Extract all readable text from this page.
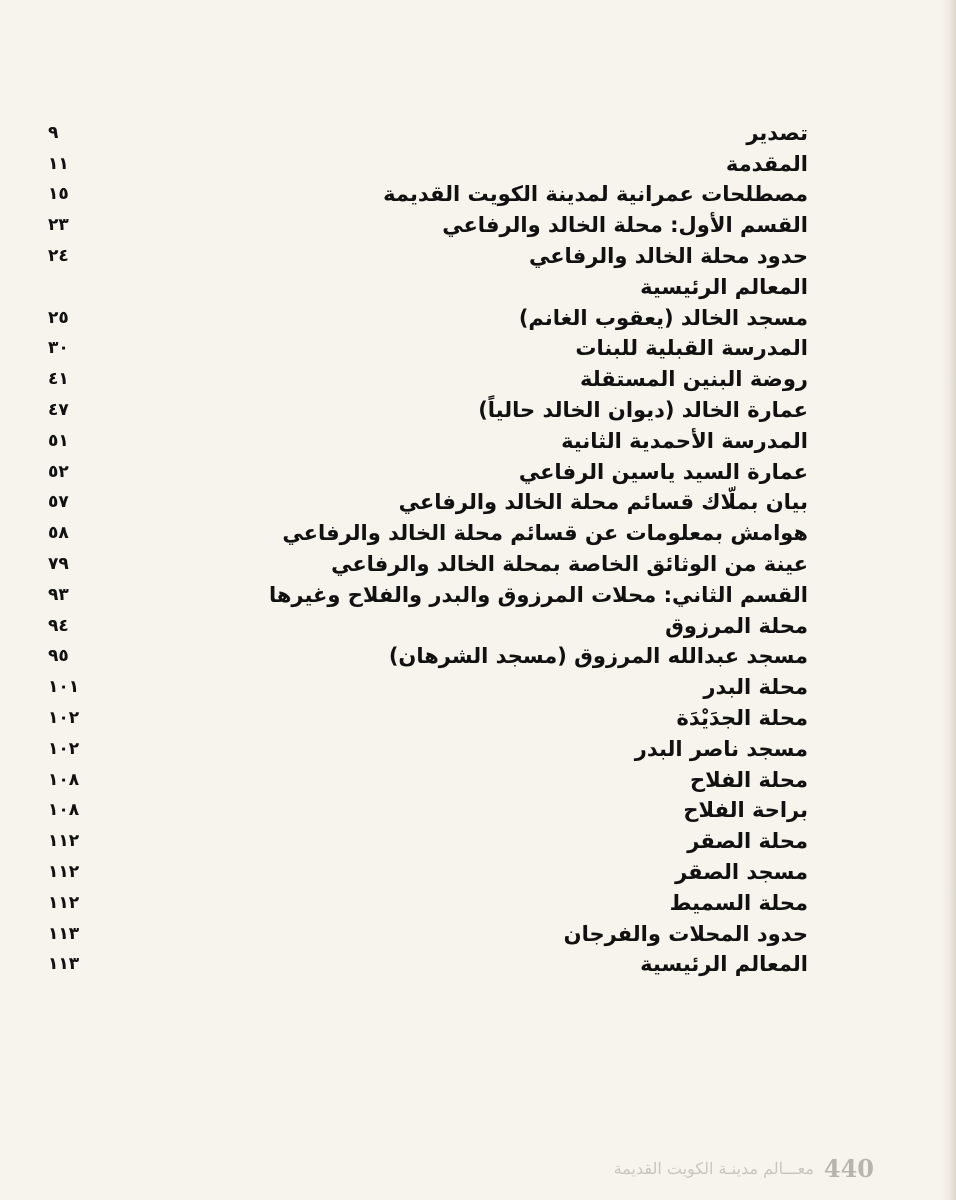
تصدير
٩
المقدمة
١١
مصطلحات عمرانية لمدينة الكويت القديمة
١٥
القسم الأول: محلة الخالد والرفاعي
٢٣
حدود محلة الخالد والرفاعي
٢٤
المعالم الرئيسية
مسجد الخالد (يعقوب الغانم)
٢٥
المدرسة القبلية للبنات
٣٠
روضة البنين المستقلة
٤١
عمارة الخالد (ديوان الخالد حالياً)
٤٧
المدرسة الأحمدية الثانية
٥١
عمارة السيد ياسين الرفاعي
٥٢
بيان بملّاك قسائم محلة الخالد والرفاعي
٥٧
هوامش بمعلومات عن قسائم محلة الخالد والرفاعي
٥٨
عينة من الوثائق الخاصة بمحلة الخالد والرفاعي
٧٩
القسم الثاني: محلات المرزوق والبدر والفلاح وغيرها
٩٣
محلة المرزوق
٩٤
مسجد عبدالله المرزوق (مسجد الشرهان)
٩٥
محلة البدر
١٠١
محلة الجدَيْدَة
١٠٢
مسجد ناصر البدر
١٠٢
محلة الفلاح
١٠٨
براحة الفلاح
١٠٨
محلة الصقر
١١٢
مسجد الصقر
١١٢
محلة السميط
١١٢
حدود المحلات والفرجان
١١٣
المعالم الرئيسية
١١٣
معـــالم مدينـة الكويت القديمة 440
